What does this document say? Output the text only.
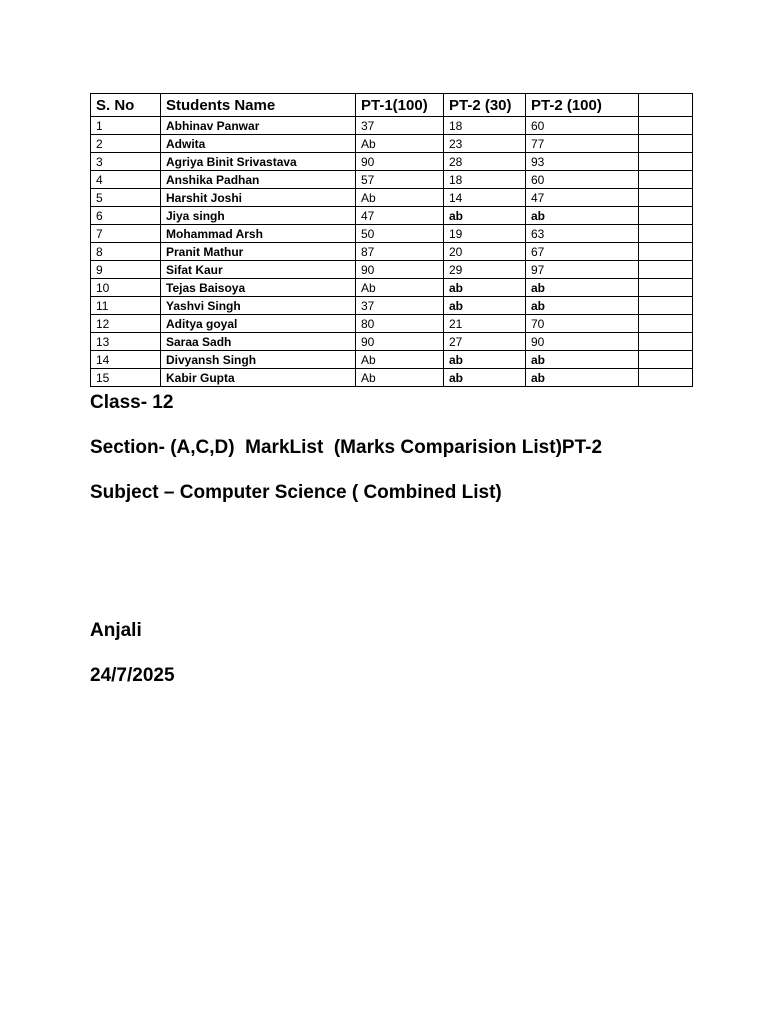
S. No	Students Name	PT-1(100)	PT-2 (30)	PT-2 (100)	
1	Abhinav Panwar	37	18	60	
2	Adwita	Ab	23	77	
3	Agriya Binit Srivastava	90	28	93	
4	Anshika Padhan	57	18	60	
5	Harshit Joshi	Ab	14	47	
6	Jiya singh	47	ab	ab	
7	Mohammad Arsh	50	19	63	
8	Pranit Mathur	87	20	67	
9	Sifat Kaur	90	29	97	
10	Tejas Baisoya	Ab	ab	ab	
11	Yashvi Singh	37	ab	ab	
12	Aditya goyal	80	21	70	
13	Saraa Sadh	90	27	90	
14	Divyansh Singh	Ab	ab	ab	
15	Kabir Gupta	Ab	ab	ab	
Class- 12
Section- (A,C,D)  MarkList  (Marks Comparision List)PT-2
Subject – Computer Science ( Combined List)
Anjali
24/7/2025
